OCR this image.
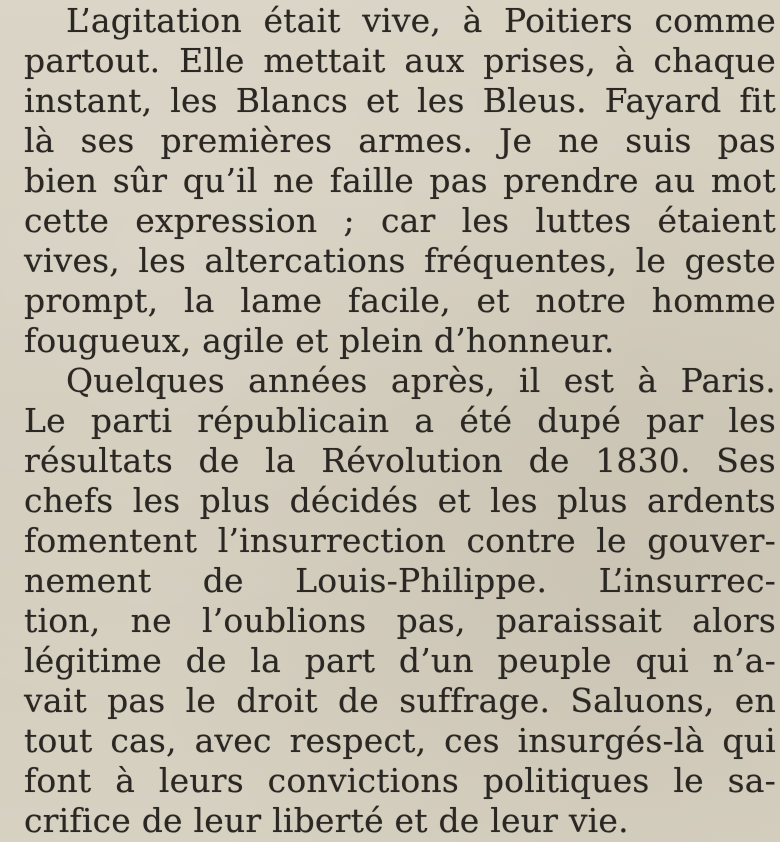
L’agitation était vive, à Poitiers comme
partout. Elle mettait aux prises, à chaque
instant, les Blancs et les Bleus. Fayard fit
là ses premières armes. Je ne suis pas
bien sûr qu’il ne faille pas prendre au mot
cette expression ; car les luttes étaient
vives, les altercations fréquentes, le geste
prompt, la lame facile, et notre homme
fougueux, agile et plein d’honneur.
Quelques années après, il est à Paris.
Le parti républicain a été dupé par les
résultats de la Révolution de 1830. Ses
chefs les plus décidés et les plus ardents
fomentent l’insurrection contre le gouver-
nement de Louis-Philippe. L’insurrec-
tion, ne l’oublions pas, paraissait alors
légitime de la part d’un peuple qui n’a-
vait pas le droit de suffrage. Saluons, en
tout cas, avec respect, ces insurgés-là qui
font à leurs convictions politiques le sa-
crifice de leur liberté et de leur vie.
